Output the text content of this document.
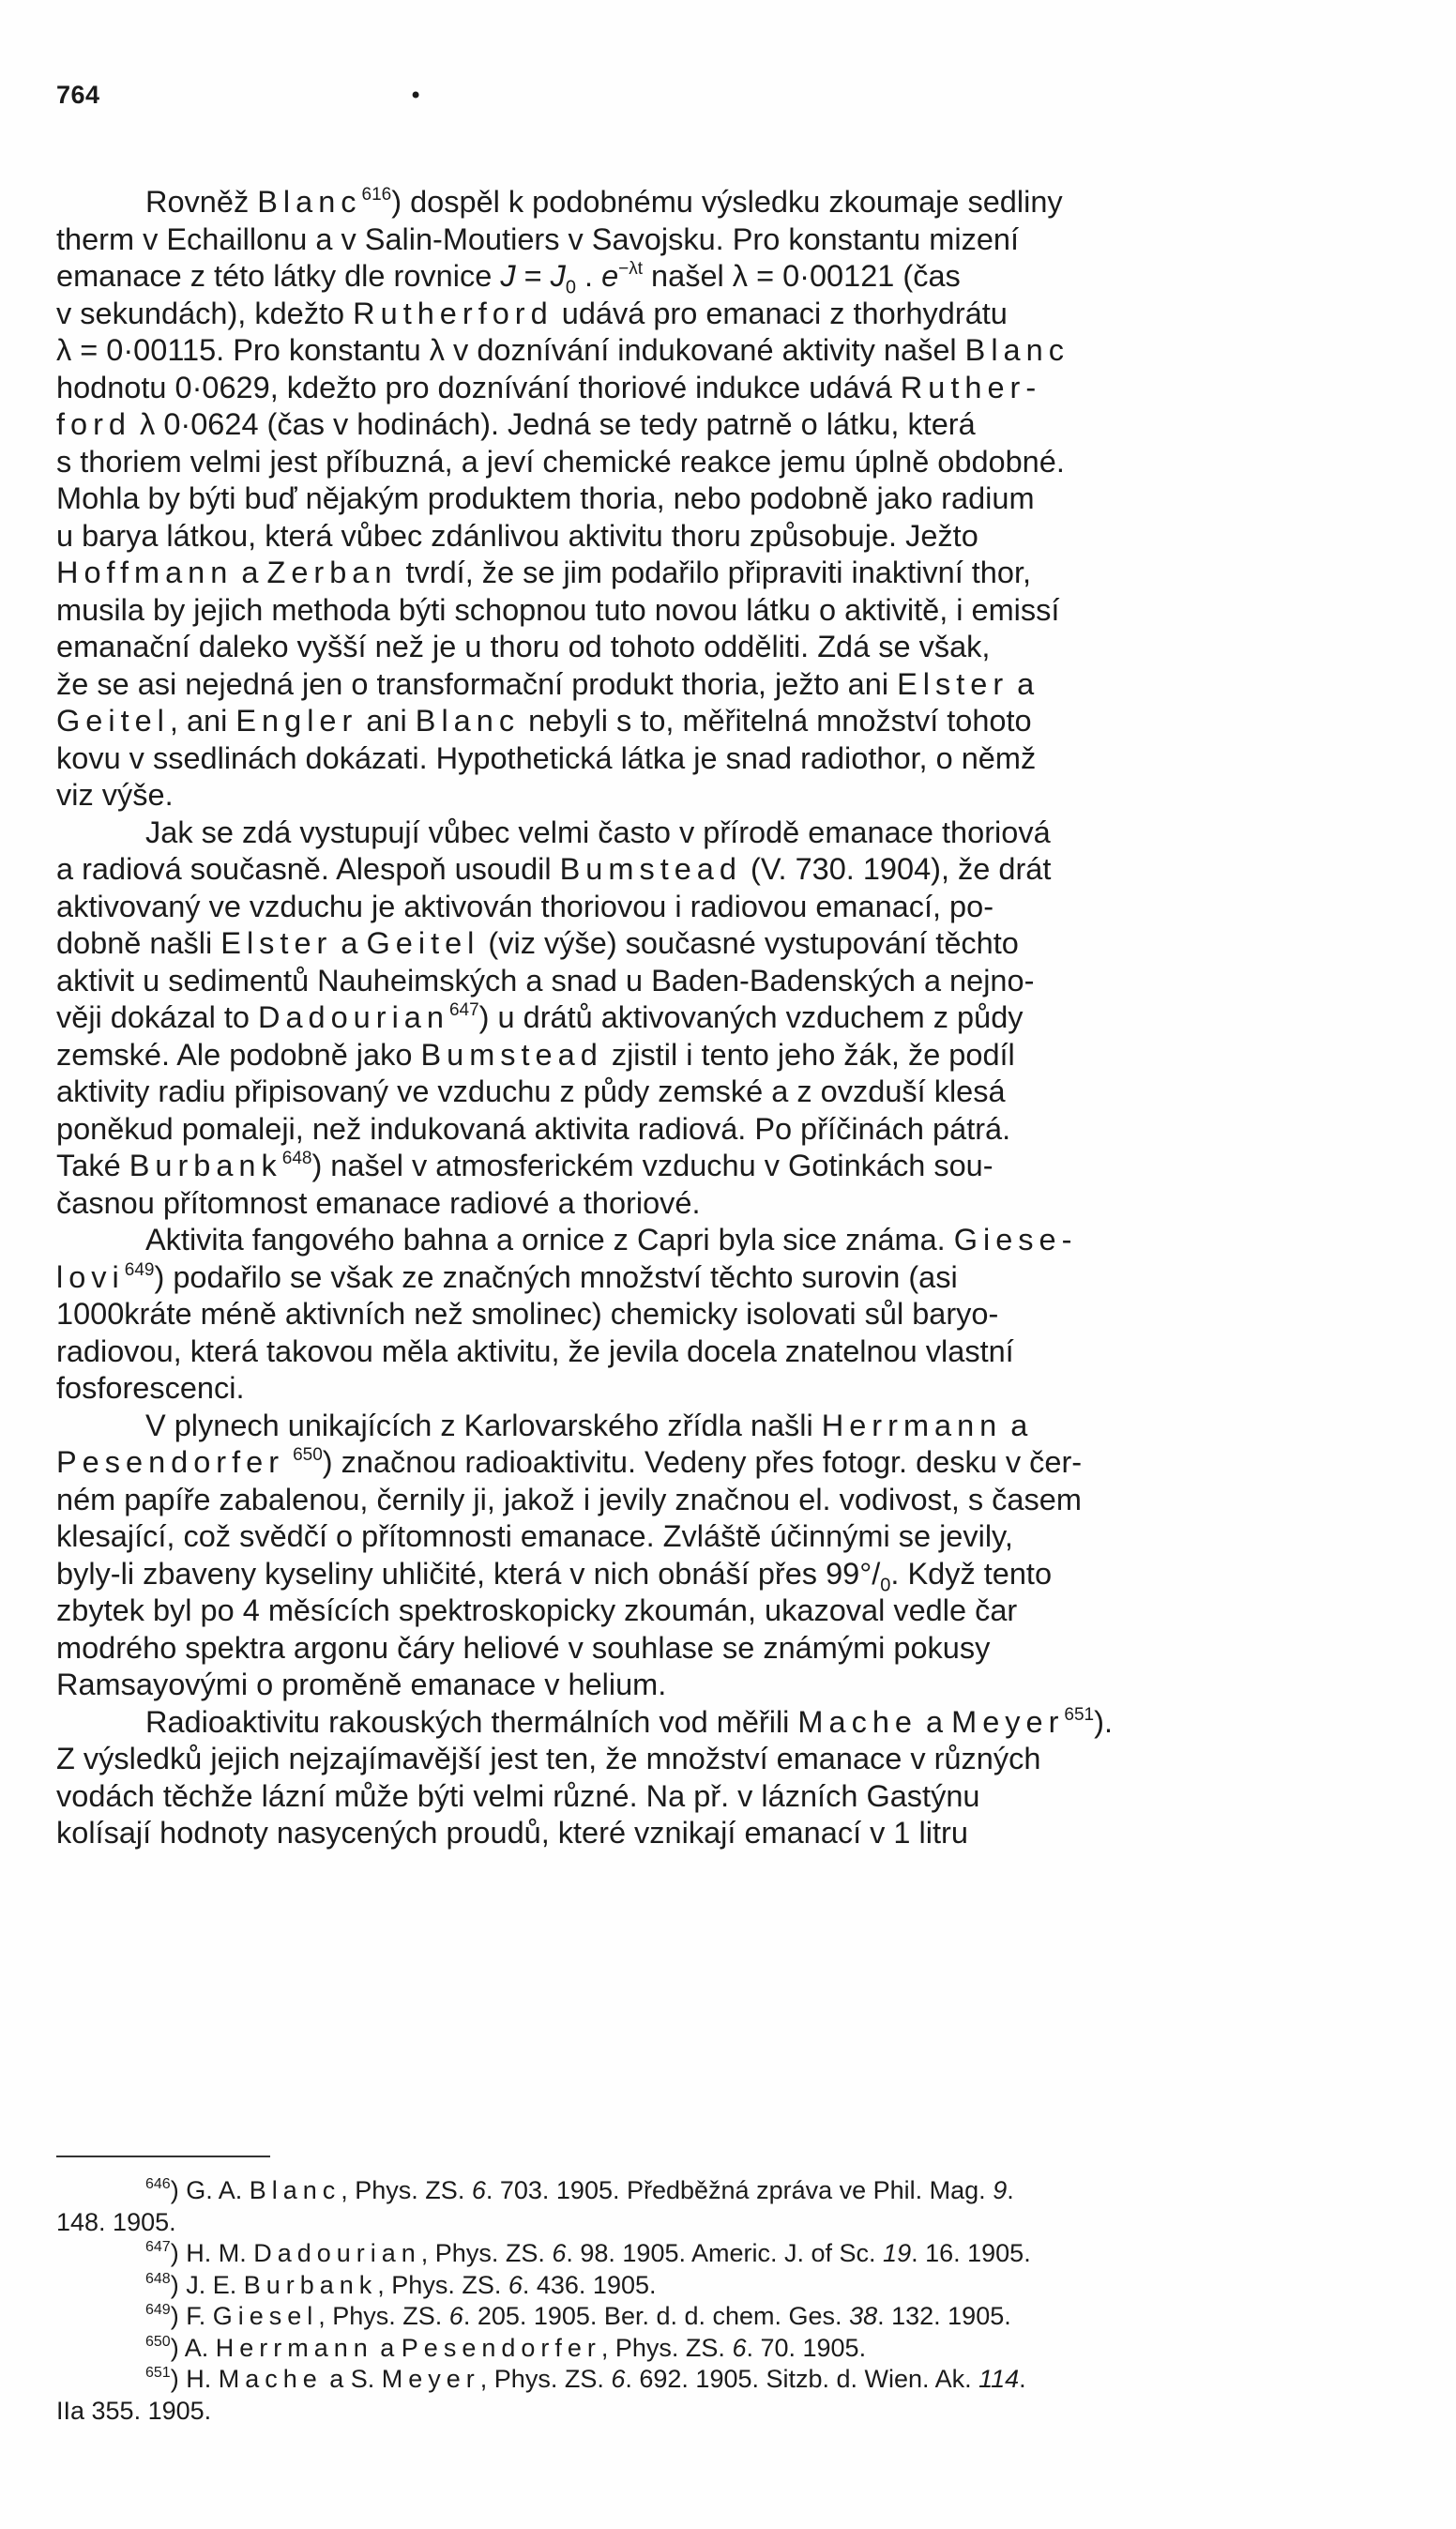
764	•
Rovněž Blanc$^{616}$) dospěl k podobnému výsledku zkoumaje sedliny
therm v Echaillonu a v Salin-Moutiers v Savojsku. Pro konstantu mizení
emanace z této látky dle rovnice $J = J_0$ . $e^{-\lambda t}$ našel λ = 0·00121 (čas
v sekundách), kdežto Rutherford udává pro emanaci z thorhydrátu
λ = 0·00115. Pro konstantu λ v doznívání indukované aktivity našel Blanc
hodnotu 0·0629, kdežto pro doznívání thoriové indukce udává Ruther-
ford λ 0·0624 (čas v hodinách). Jedná se tedy patrně o látku, která
s thoriem velmi jest příbuzná, a jeví chemické reakce jemu úplně obdobné.
Mohla by býti buď nějakým produktem thoria, nebo podobně jako radium
u barya látkou, která vůbec zdánlivou aktivitu thoru způsobuje. Ježto
Hoffmann a Zerban tvrdí, že se jim podařilo připraviti inaktivní thor,
musila by jejich methoda býti schopnou tuto novou látku o aktivitě, i emissí
emanační daleko vyšší než je u thoru od tohoto odděliti. Zdá se však,
že se asi nejedná jen o transformační produkt thoria, ježto ani Elster a
Geitel, ani Engler ani Blanc nebyli s to, měřitelná množství tohoto
kovu v ssedlinách dokázati. Hypothetická látka je snad radiothor, o němž
viz výše.
Jak se zdá vystupují vůbec velmi často v přírodě emanace thoriová
a radiová současně. Alespoň usoudil Bumstead (V. 730. 1904), že drát
aktivovaný ve vzduchu je aktivován thoriovou i radiovou emanací, po-
dobně našli Elster a Geitel (viz výše) současné vystupování těchto
aktivit u sedimentů Nauheimských a snad u Baden-Badenských a nejno-
věji dokázal to Dadourian$^{647}$) u drátů aktivovaných vzduchem z půdy
zemské. Ale podobně jako Bumstead zjistil i tento jeho žák, že podíl
aktivity radiu připisovaný ve vzduchu z půdy zemské a z ovzduší klesá
poněkud pomaleji, než indukovaná aktivita radiová. Po příčinách pátrá.
Také Burbank$^{648}$) našel v atmosferickém vzduchu v Gotinkách sou-
časnou přítomnost emanace radiové a thoriové.
Aktivita fangového bahna a ornice z Capri byla sice známa. Giese-
lovi$^{649}$) podařilo se však ze značných množství těchto surovin (asi
1000kráte méně aktivních než smolinec) chemicky isolovati sůl baryo-
radiovou, která takovou měla aktivitu, že jevila docela znatelnou vlastní
fosforescenci.
V plynech unikajících z Karlovarského zřídla našli Herrmann a
Pesendorfer $^{650}$) značnou radioaktivitu. Vedeny přes fotogr. desku v čer-
ném papíře zabalenou, černily ji, jakož i jevily značnou el. vodivost, s časem
klesající, což svědčí o přítomnosti emanace. Zvláště účinnými se jevily,
byly-li zbaveny kyseliny uhličité, která v nich obnáší přes $99^\circ/_0$. Když tento
zbytek byl po 4 měsících spektroskopicky zkoumán, ukazoval vedle čar
modrého spektra argonu čáry heliové v souhlase se známými pokusy
Ramsayovými o proměně emanace v helium.
Radioaktivitu rakouských thermálních vod měřili Mache a Meyer$^{651}$).
Z výsledků jejich nejzajímavější jest ten, že množství emanace v různých
vodách těchže lázní může býti velmi různé. Na př. v lázních Gastýnu
kolísají hodnoty nasycených proudů, které vznikají emanací v 1 litru
$^{646}$) G. A. Blanc, Phys. ZS. 6. 703. 1905. Předběžná zpráva ve Phil. Mag. 9.
148. 1905.
$^{647}$) H. M. Dadourian, Phys. ZS. 6. 98. 1905. Americ. J. of Sc. 19. 16. 1905.
$^{648}$) J. E. Burbank, Phys. ZS. 6. 436. 1905.
$^{649}$) F. Giesel, Phys. ZS. 6. 205. 1905. Ber. d. d. chem. Ges. 38. 132. 1905.
$^{650}$) A. Herrmann a Pesendorfer, Phys. ZS. 6. 70. 1905.
$^{651}$) H. Mache a S. Meyer, Phys. ZS. 6. 692. 1905. Sitzb. d. Wien. Ak. 114.
IIa 355. 1905.
